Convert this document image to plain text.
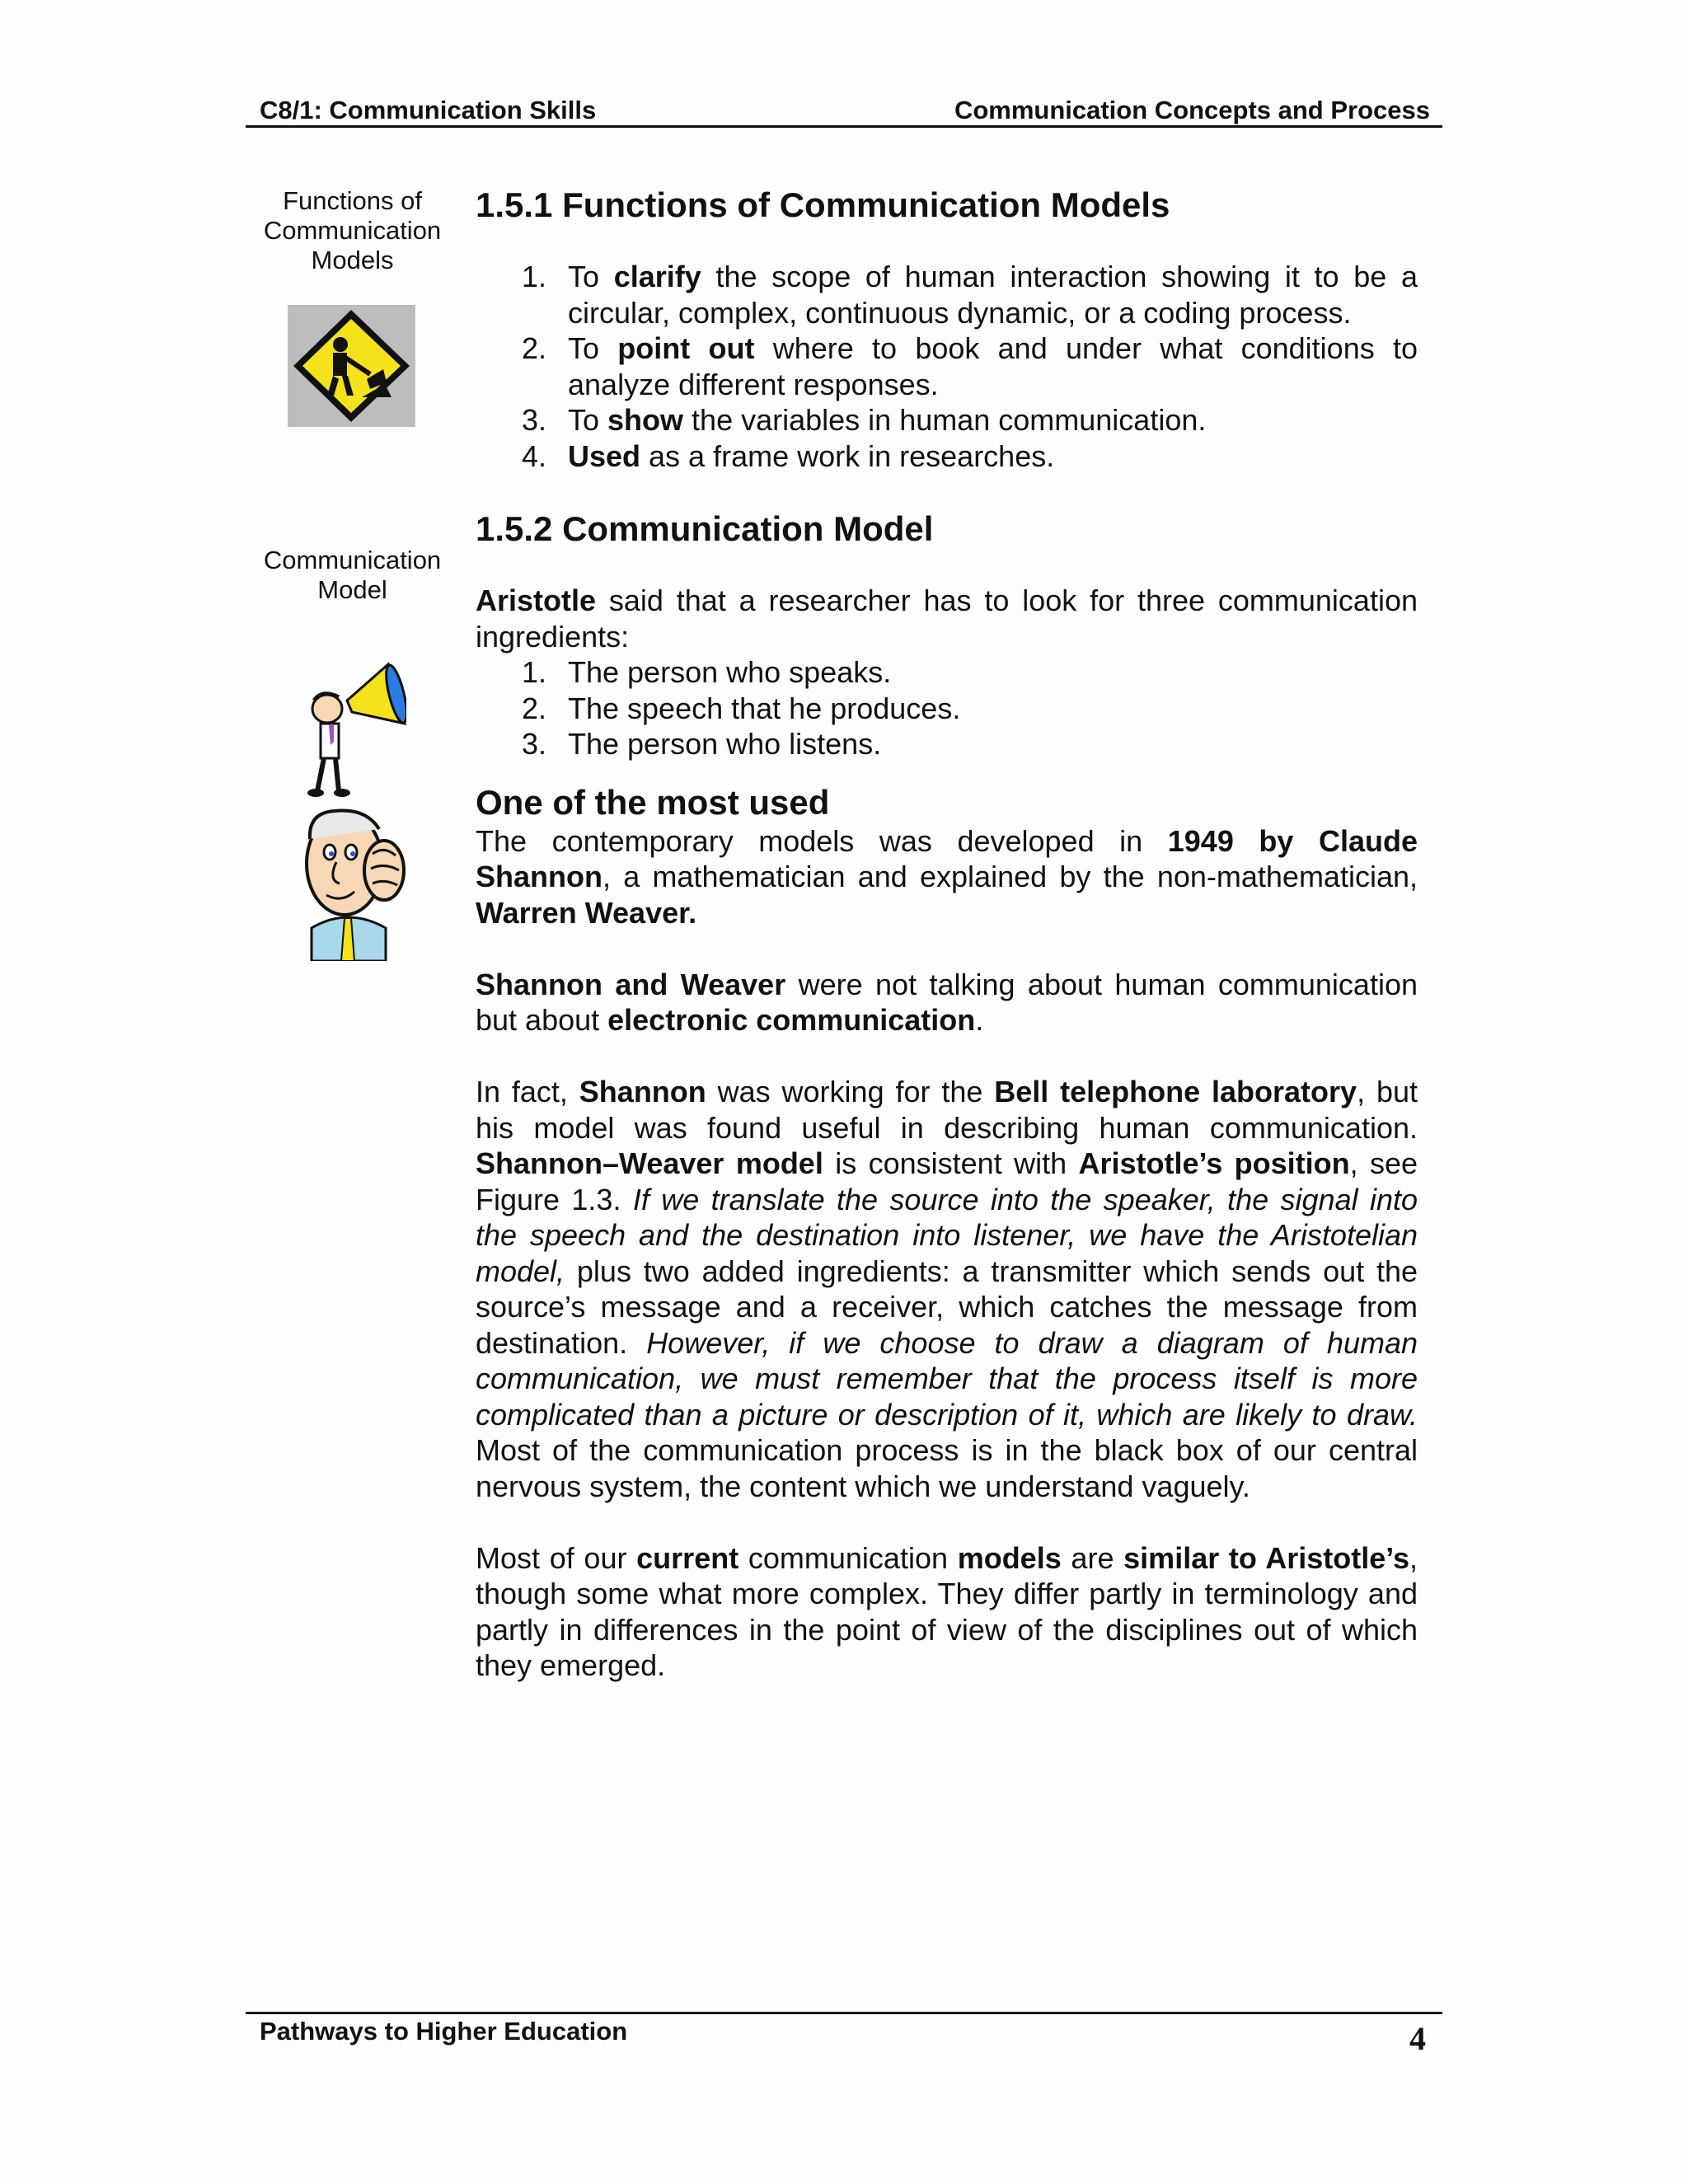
C8/1: Communication Skills	Communication Concepts and Process
Functions of
Communication
Models
Communication
Model
1.5.1 Functions of Communication Models
1. To clarify the scope of human interaction showing it to be a circular, complex, continuous dynamic, or a coding process.
2. To point out where to book and under what conditions to analyze different responses.
3. To show the variables in human communication.
4. Used as a frame work in researches.
1.5.2 Communication Model

Aristotle said that a researcher has to look for three communication ingredients:

1. The person who speaks.
2. The speech that he produces.
3. The person who listens.
One of the most used

The contemporary models was developed in 1949 by Claude Shannon, a mathematician and explained by the non-mathematician, Warren Weaver.

Shannon and Weaver were not talking about human communication but about electronic communication.

In fact, Shannon was working for the Bell telephone laboratory, but his model was found useful in describing human communication. Shannon–Weaver model is consistent with Aristotle’s position, see Figure 1.3. If we translate the source into the speaker, the signal into the speech and the destination into listener, we have the Aristotelian model, plus two added ingredients: a transmitter which sends out the source’s message and a receiver, which catches the message from destination. However, if we choose to draw a diagram of human communication, we must remember that the process itself is more complicated than a picture or description of it, which are likely to draw. Most of the communication process is in the black box of our central nervous system, the content which we understand vaguely.

Most of our current communication models are similar to Aristotle’s, though some what more complex. They differ partly in terminology and partly in differences in the point of view of the disciplines out of which they emerged.

Pathways to Higher Education	4
